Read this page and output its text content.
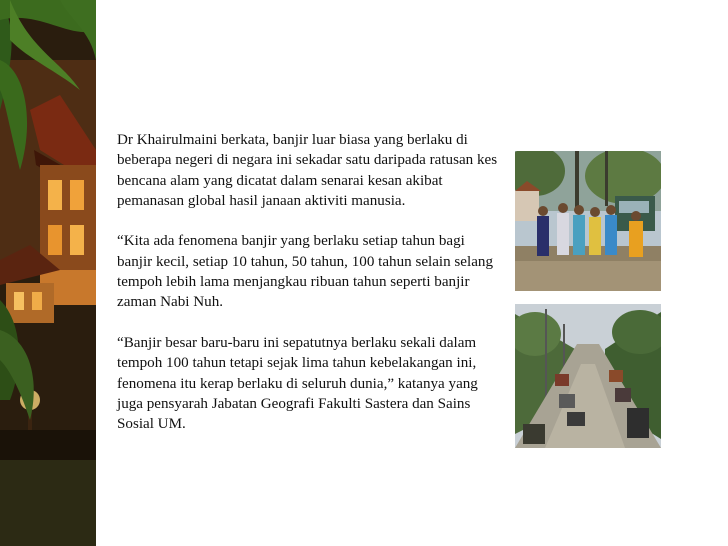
Dr Khairulmaini berkata, banjir luar biasa yang berlaku di beberapa negeri di negara ini sekadar satu daripada ratusan kes bencana alam yang dicatat dalam senarai kesan akibat pemanasan global hasil janaan aktiviti manusia.

“Kita ada fenomena banjir yang berlaku setiap tahun bagi banjir kecil, setiap 10 tahun, 50 tahun, 100 tahun selain selang tempoh lebih lama menjangkau ribuan tahun seperti banjir zaman Nabi Nuh.

“Banjir besar baru-baru ini sepatutnya berlaku sekali dalam tempoh 100 tahun tetapi sejak lima tahun kebelakangan ini, fenomena itu kerap berlaku di seluruh dunia,” katanya yang juga pensyarah Jabatan Geografi Fakulti Sastera dan Sains Sosial UM.
